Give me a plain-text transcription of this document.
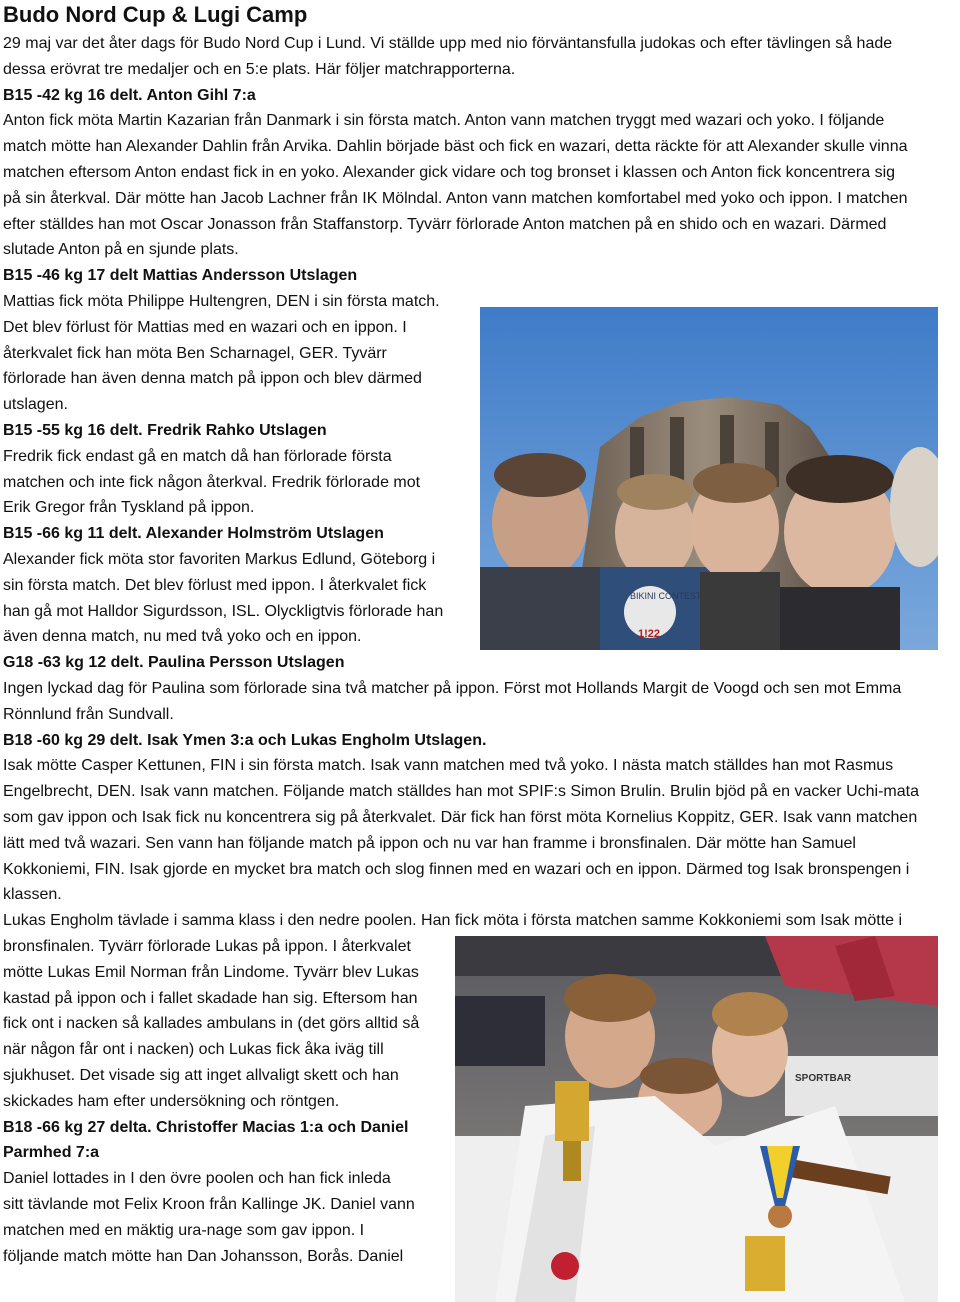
Budo Nord Cup & Lugi Camp
29 maj var det åter dags för Budo Nord Cup i Lund. Vi ställde upp med nio förväntansfulla judokas och efter tävlingen så hade
dessa erövrat tre medaljer och en 5:e plats. Här följer matchrapporterna.
B15 -42 kg 16 delt. Anton Gihl 7:a
Anton fick möta Martin Kazarian från Danmark i sin första match. Anton vann matchen tryggt med wazari och yoko. I följande
match mötte han Alexander Dahlin från Arvika. Dahlin började bäst och fick en wazari, detta räckte för att Alexander skulle vinna
matchen eftersom Anton endast fick in en yoko. Alexander gick vidare och tog bronset i klassen och Anton fick koncentrera sig
på sin återkval. Där mötte han Jacob Lachner från IK Mölndal. Anton vann matchen komfortabel med yoko och ippon. I matchen
efter ställdes han mot Oscar Jonasson från Staffanstorp. Tyvärr förlorade Anton matchen på en shido och en wazari. Därmed
slutade Anton på en sjunde plats.
B15 -46 kg 17 delt Mattias Andersson Utslagen
Mattias fick möta Philippe Hultengren, DEN i sin första match.
Det blev förlust för Mattias med en wazari och en ippon. I
återkvalet fick han möta Ben Scharnagel, GER. Tyvärr
förlorade han även denna match på ippon och blev därmed
utslagen.
B15 -55 kg 16 delt. Fredrik Rahko Utslagen
Fredrik fick endast gå en match då han förlorade första
matchen och inte fick någon återkval. Fredrik förlorade mot
Erik Gregor från Tyskland på ippon.
B15 -66 kg 11 delt. Alexander Holmström Utslagen
Alexander fick möta stor favoriten Markus Edlund, Göteborg i
sin första match. Det blev förlust med ippon. I återkvalet fick
han gå mot Halldor Sigurdsson, ISL. Olyckligtvis förlorade han
även denna match, nu med två yoko och en ippon.
G18 -63 kg 12 delt. Paulina Persson Utslagen
Ingen lyckad dag för Paulina som förlorade sina två matcher på ippon. Först mot Hollands Margit de Voogd och sen mot Emma
Rönnlund från Sundvall.
B18 -60 kg 29 delt. Isak Ymen 3:a och Lukas Engholm Utslagen.
Isak mötte Casper Kettunen, FIN i sin första match. Isak vann matchen med två yoko. I nästa match ställdes han mot Rasmus
Engelbrecht, DEN. Isak vann matchen. Följande match ställdes han mot SPIF:s Simon Brulin. Brulin bjöd på en vacker Uchi-mata
som gav ippon och Isak fick nu koncentrera sig på återkvalet. Där fick han först möta Kornelius Koppitz, GER. Isak vann matchen
lätt med två wazari. Sen vann han följande match på ippon och nu var han framme i bronsfinalen. Där mötte han Samuel
Kokkoniemi, FIN. Isak gjorde en mycket bra match och slog finnen med en wazari och en ippon. Därmed tog Isak bronspengen i
klassen.
Lukas Engholm tävlade i samma klass i den nedre poolen. Han fick möta i första matchen samme Kokkoniemi som Isak mötte i
bronsfinalen. Tyvärr förlorade Lukas på ippon. I återkvalet
mötte Lukas Emil Norman från Lindome. Tyvärr blev Lukas
kastad på ippon och i fallet skadade han sig. Eftersom han
fick ont i nacken så kallades ambulans in (det görs alltid så
när någon får ont i nacken) och Lukas fick åka iväg till
sjukhuset. Det visade sig att inget allvaligt skett och han
skickades ham efter undersökning och röntgen.
B18 -66 kg 27 delta. Christoffer Macias 1:a och Daniel
Parmhed 7:a
Daniel lottades in I den övre poolen och han fick inleda
sitt tävlande mot Felix Kroon från Kallinge JK. Daniel vann
matchen med en mäktig ura-nage som gav ippon. I
följande match mötte han Dan Johansson, Borås. Daniel
BIKINI CONTEST
1!22
SPORTBAR
